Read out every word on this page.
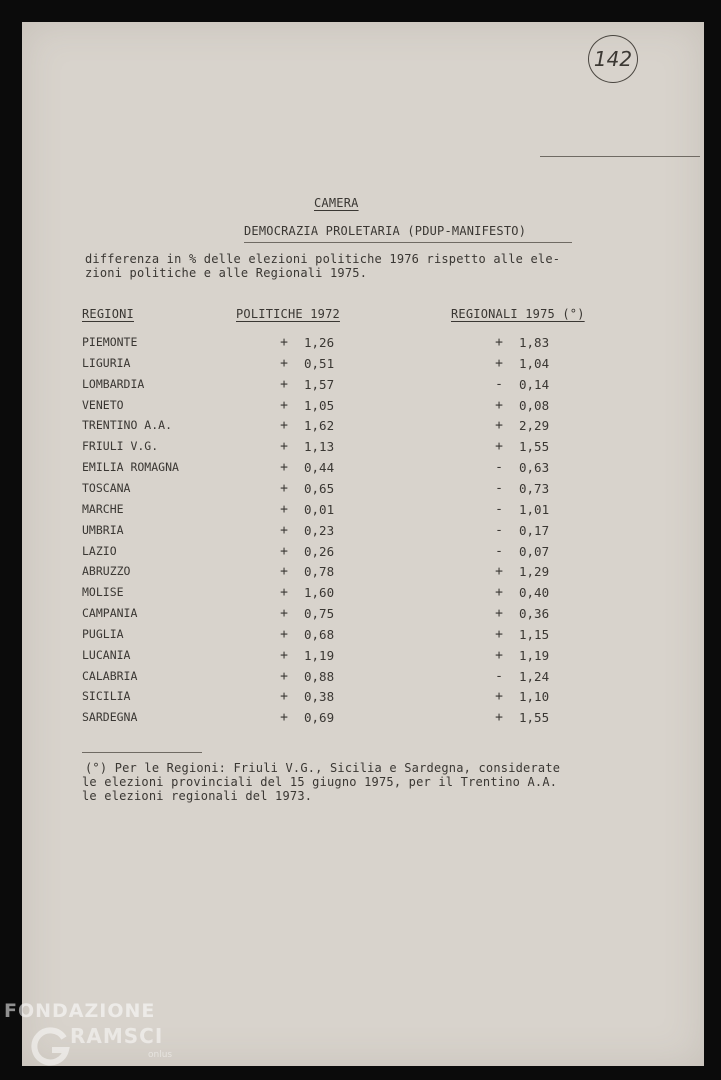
142
CAMERA
DEMOCRAZIA PROLETARIA (PDUP-MANIFESTO)
differenza in % delle elezioni politiche 1976 rispetto alle ele-
zioni politiche e alle Regionali 1975.
REGIONI	POLITICHE 1972	REGIONALI 1975 (°)
PIEMONTE	+ 1,26	+ 1,83
LIGURIA	+ 0,51	+ 1,04
LOMBARDIA	+ 1,57	- 0,14
VENETO	+ 1,05	+ 0,08
TRENTINO A.A.	+ 1,62	+ 2,29
FRIULI V.G.	+ 1,13	+ 1,55
EMILIA ROMAGNA	+ 0,44	- 0,63
TOSCANA	+ 0,65	- 0,73
MARCHE	+ 0,01	- 1,01
UMBRIA	+ 0,23	- 0,17
LAZIO	+ 0,26	- 0,07
ABRUZZO	+ 0,78	+ 1,29
MOLISE	+ 1,60	+ 0,40
CAMPANIA	+ 0,75	+ 0,36
PUGLIA	+ 0,68	+ 1,15
LUCANIA	+ 1,19	+ 1,19
CALABRIA	+ 0,88	- 1,24
SICILIA	+ 0,38	+ 1,10
SARDEGNA	+ 0,69	+ 1,55
(°) Per le Regioni: Friuli V.G., Sicilia e Sardegna, considerate
le elezioni provinciali del 15 giugno 1975, per il Trentino A.A.
le elezioni regionali del 1973.
FONDAZIONE
RAMSCI
onlus
